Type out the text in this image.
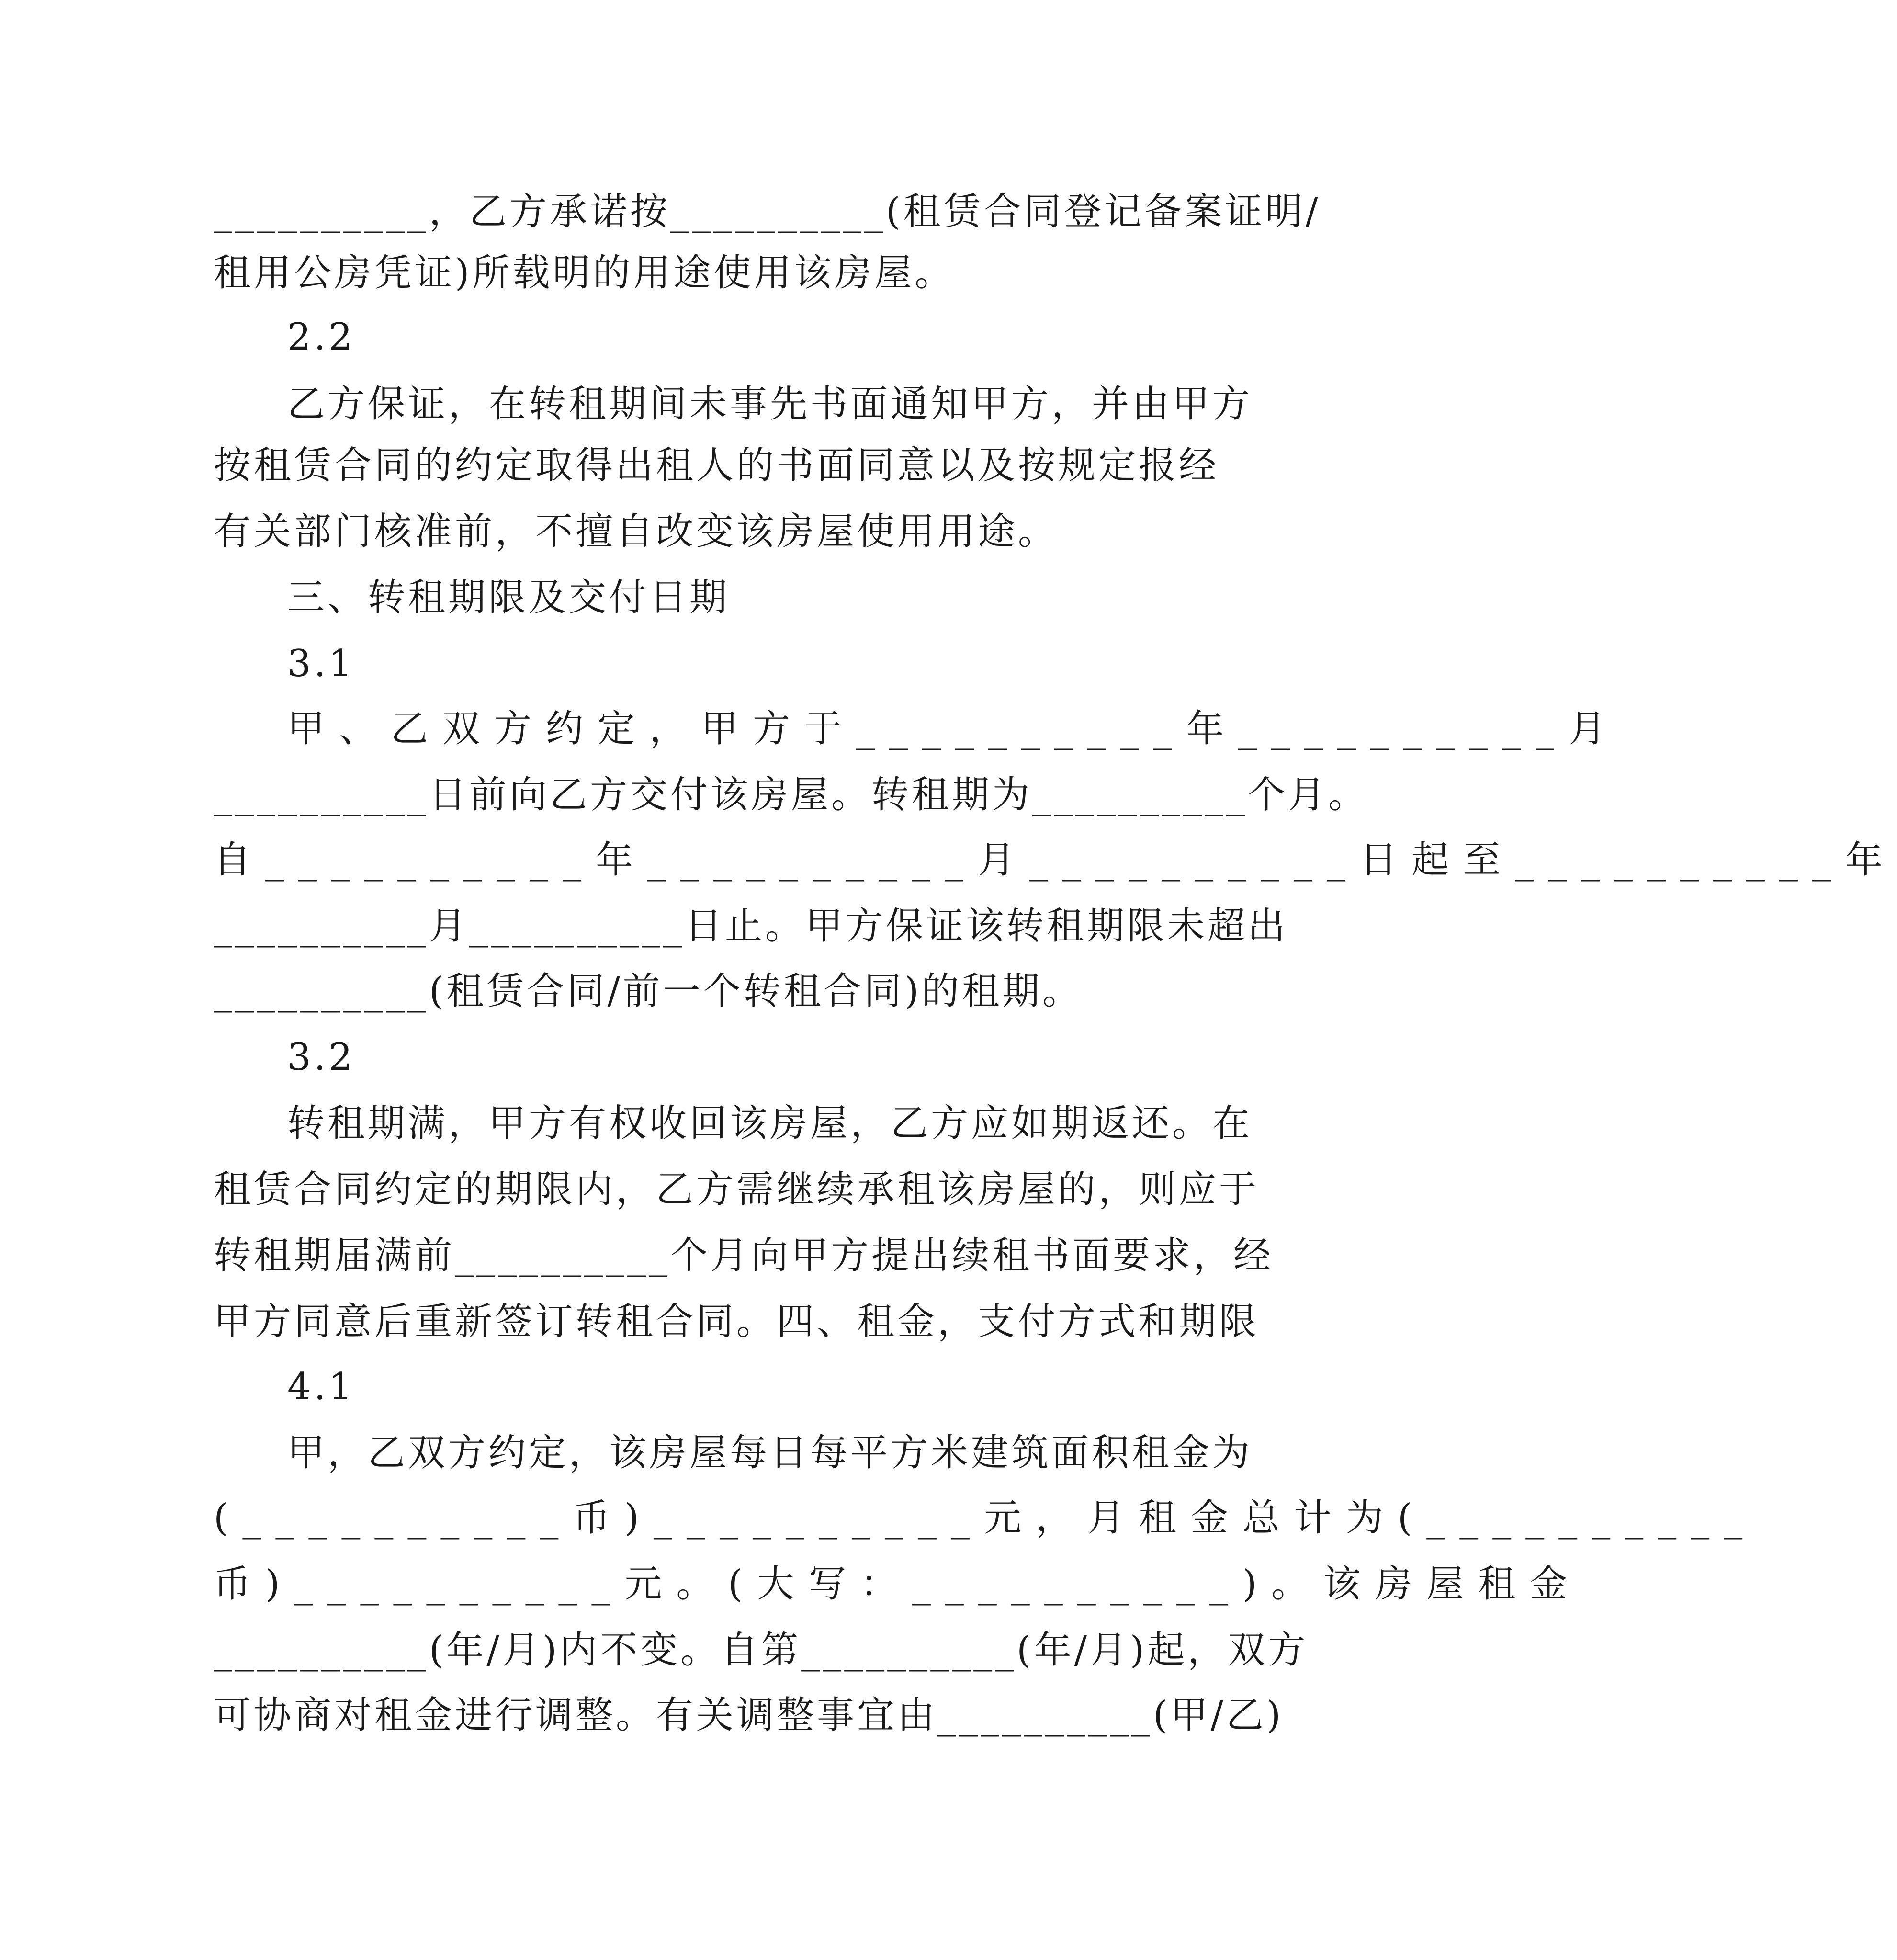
__________，乙方承诺按__________(租赁合同登记备案证明/
租用公房凭证)所载明的用途使用该房屋。
2.2
乙方保证，在转租期间未事先书面通知甲方，并由甲方
按租赁合同的约定取得出租人的书面同意以及按规定报经
有关部门核准前，不擅自改变该房屋使用用途。
三、转租期限及交付日期
3.1
甲、乙双方约定，甲方于__________年__________月
__________日前向乙方交付该房屋。转租期为__________个月。
自__________年__________月__________日起至__________年
__________月__________日止。甲方保证该转租期限未超出
__________(租赁合同/前一个转租合同)的租期。
3.2
转租期满，甲方有权收回该房屋，乙方应如期返还。在
租赁合同约定的期限内，乙方需继续承租该房屋的，则应于
转租期届满前__________个月向甲方提出续租书面要求，经
甲方同意后重新签订转租合同。四、租金，支付方式和期限
4.1
甲，乙双方约定，该房屋每日每平方米建筑面积租金为
(__________币)__________元，月租金总计为(__________
币)__________元。(大写：__________)。该房屋租金
__________(年/月)内不变。自第__________(年/月)起，双方
可协商对租金进行调整。有关调整事宜由__________(甲/乙)
